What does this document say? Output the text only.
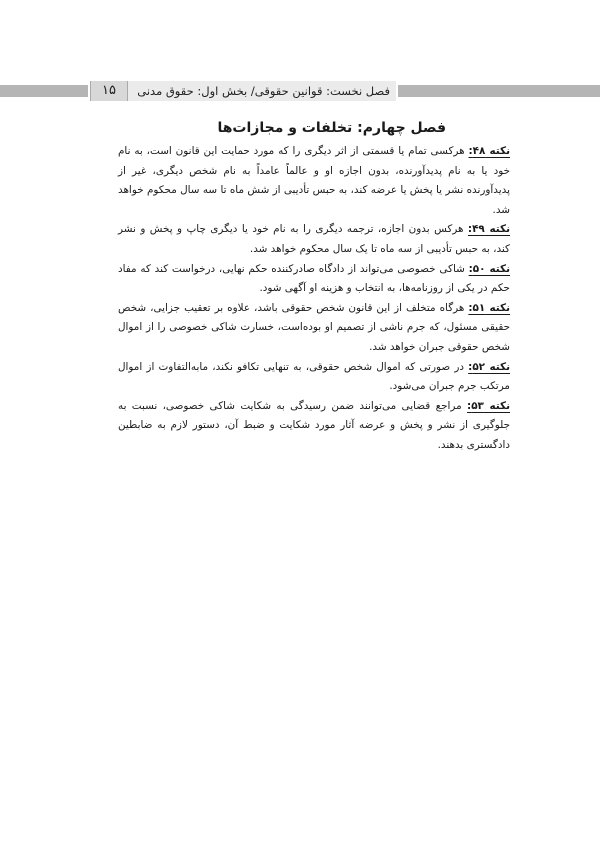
فصل نخست: قوانین حقوقی/ بخش اول: حقوق مدنی
۱۵
فصل چهارم: تخلفات و مجازات‌ها

نکته ۴۸: هرکسی تمام یا قسمتی از اثر دیگری را که مورد حمایت این قانون است، به نام خود یا به نام پدیدآورنده، بدون اجازه او و عالماً عامداً به نام شخص دیگری، غیر از پدیدآورنده نشر یا پخش یا عرضه کند، به حبس تأدیبی از شش ماه تا سه سال محکوم خواهد شد.

نکته ۴۹: هرکس بدون اجازه، ترجمه دیگری را به نام خود یا دیگری چاپ و پخش و نشر کند، به حبس تأدیبی از سه ماه تا یک سال محکوم خواهد شد.

نکته ۵۰: شاکی خصوصی می‌تواند از دادگاه صادرکننده حکم نهایی، درخواست کند که مفاد حکم در یکی از روزنامه‌ها، به انتخاب و هزینه او آگهی شود.

نکته ۵۱: هرگاه متخلف از این قانون شخص حقوقی باشد، علاوه بر تعقیب جزایی، شخص حقیقی مسئول، که جرم ناشی از تصمیم او بوده‌است، خسارت شاکی خصوصی را از اموال شخص حقوقی جبران خواهد شد.

نکته ۵۲: در صورتی که اموال شخص حقوقی، به تنهایی تکافو نکند، مابه‌التفاوت از اموال مرتکب جرم جبران می‌شود.

نکته ۵۳: مراجع قضایی می‌توانند ضمن رسیدگی به شکایت شاکی خصوصی، نسبت به جلوگیری از نشر و پخش و عرضه آثار مورد شکایت و ضبط آن، دستور لازم به ضابطین دادگستری بدهند.
